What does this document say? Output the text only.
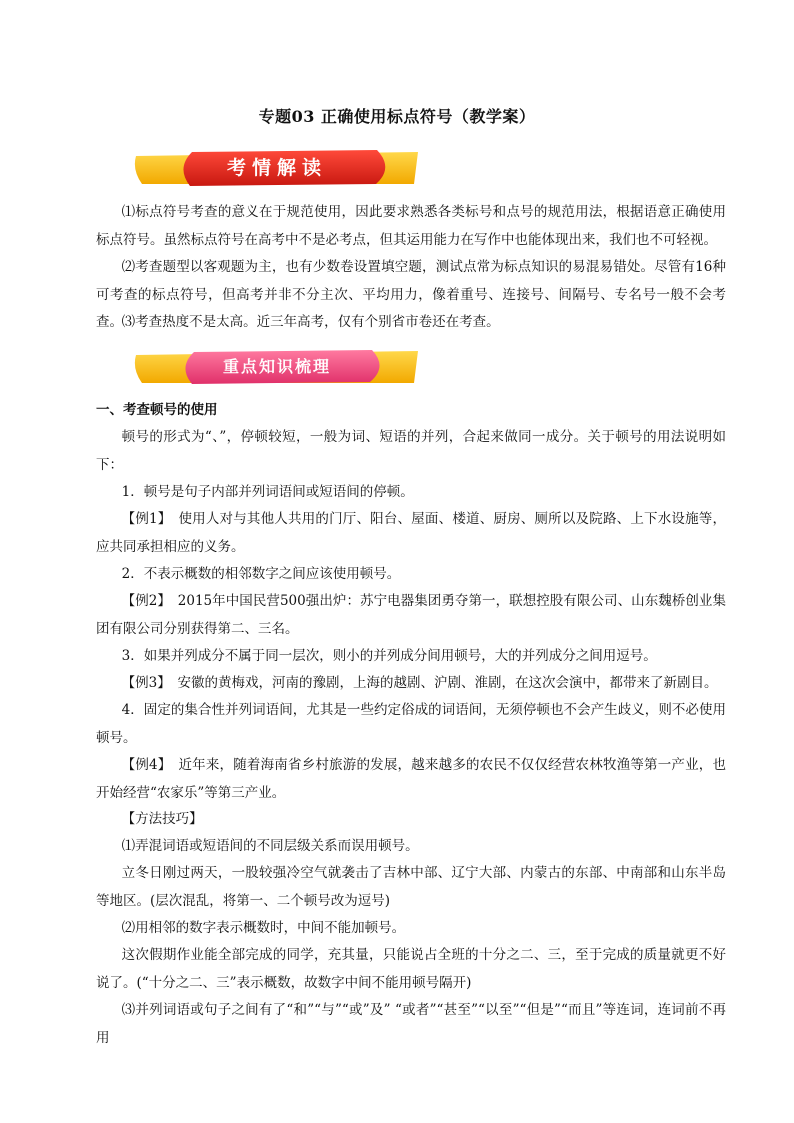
专题03 正确使用标点符号（教学案）
考情解读

⑴标点符号考查的意义在于规范使用，因此要求熟悉各类标号和点号的规范用法，根据语意正确使用标点符号。虽然标点符号在高考中不是必考点，但其运用能力在写作中也能体现出来，我们也不可轻视。

⑵考查题型以客观题为主，也有少数卷设置填空题，测试点常为标点知识的易混易错处。尽管有16种可考查的标点符号，但高考并非不分主次、平均用力，像着重号、连接号、间隔号、专名号一般不会考查。

⑶考查热度不是太高。近三年高考，仅有个别省市卷还在考查。

重点知识梳理

一、考查顿号的使用

顿号的形式为“、”，停顿较短，一般为词、短语的并列，合起来做同一成分。关于顿号的用法说明如下：

1．顿号是句子内部并列词语间或短语间的停顿。

【例1】　使用人对与其他人共用的门厅、阳台、屋面、楼道、厨房、厕所以及院路、上下水设施等，应共同承担相应的义务。

2．不表示概数的相邻数字之间应该使用顿号。

【例2】　2015年中国民营500强出炉：苏宁电器集团勇夺第一，联想控股有限公司、山东魏桥创业集团有限公司分别获得第二、三名。

3．如果并列成分不属于同一层次，则小的并列成分间用顿号，大的并列成分之间用逗号。

【例3】　安徽的黄梅戏，河南的豫剧，上海的越剧、沪剧、淮剧，在这次会演中，都带来了新剧目。

4．固定的集合性并列词语间，尤其是一些约定俗成的词语间，无须停顿也不会产生歧义，则不必使用顿号。

【例4】　近年来，随着海南省乡村旅游的发展，越来越多的农民不仅仅经营农林牧渔等第一产业，也开始经营“农家乐”等第三产业。

【方法技巧】

⑴弄混词语或短语间的不同层级关系而误用顿号。

立冬日刚过两天，一股较强冷空气就袭击了吉林中部、辽宁大部、内蒙古的东部、中南部和山东半岛等地区。(层次混乱，将第一、二个顿号改为逗号)

⑵用相邻的数字表示概数时，中间不能加顿号。

这次假期作业能全部完成的同学，充其量，只能说占全班的十分之二、三，至于完成的质量就更不好说了。(“十分之二、三”表示概数，故数字中间不能用顿号隔开)

⑶并列词语或句子之间有了“和”“与”“或”及” “或者”“甚至”“以至”“但是”“而且”等连词，连词前不再用
